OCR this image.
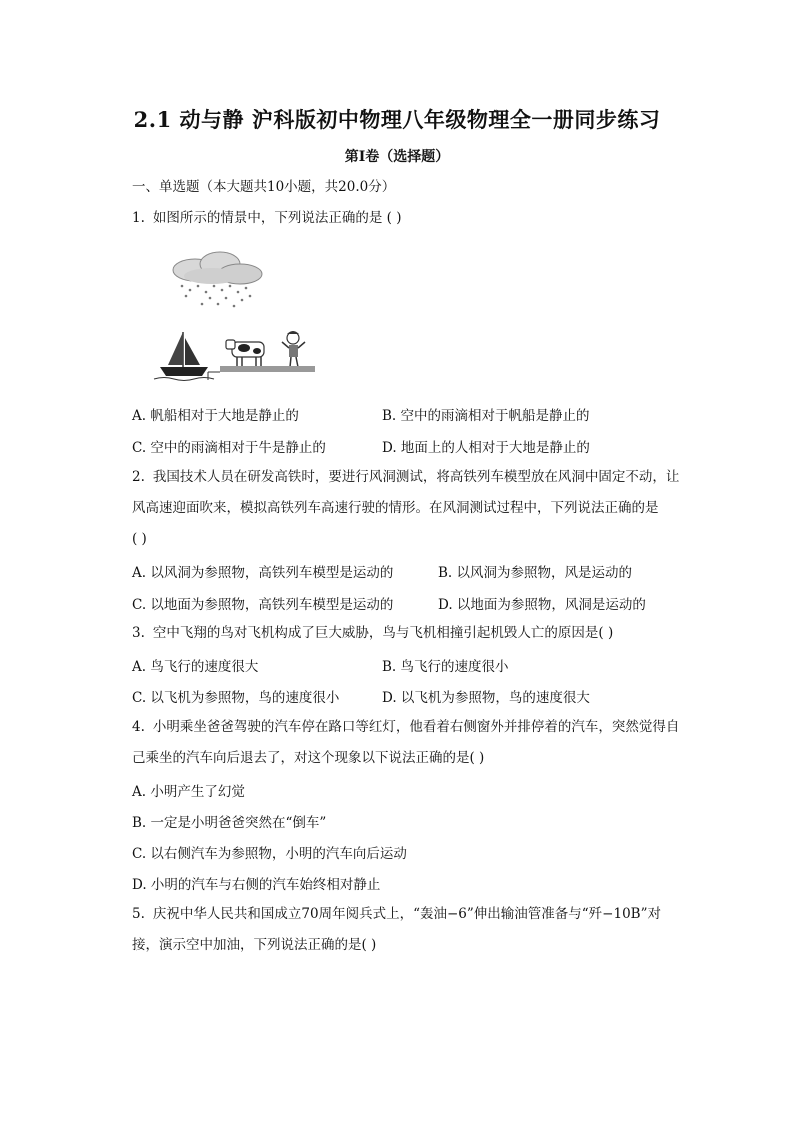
2.1 动与静 沪科版初中物理八年级物理全一册同步练习
第Ⅰ卷（选择题）
一、单选题（本大题共10小题，共20.0分）
1. 如图所示的情景中，下列说法正确的是 ( )
A. 帆船相对于大地是静止的	B. 空中的雨滴相对于帆船是静止的
C. 空中的雨滴相对于牛是静止的	D. 地面上的人相对于大地是静止的
2. 我国技术人员在研发高铁时，要进行风洞测试，将高铁列车模型放在风洞中固定不动，让
风高速迎面吹来，模拟高铁列车高速行驶的情形。在风洞测试过程中，下列说法正确的是
( )
A. 以风洞为参照物，高铁列车模型是运动的	B. 以风洞为参照物，风是运动的
C. 以地面为参照物，高铁列车模型是运动的	D. 以地面为参照物，风洞是运动的
3. 空中飞翔的鸟对飞机构成了巨大威胁，鸟与飞机相撞引起机毁人亡的原因是( )
A. 鸟飞行的速度很大	B. 鸟飞行的速度很小
C. 以飞机为参照物，鸟的速度很小	D. 以飞机为参照物，鸟的速度很大
4. 小明乘坐爸爸驾驶的汽车停在路口等红灯，他看着右侧窗外并排停着的汽车，突然觉得自
己乘坐的汽车向后退去了，对这个现象以下说法正确的是( )
A. 小明产生了幻觉
B. 一定是小明爸爸突然在“倒车”
C. 以右侧汽车为参照物，小明的汽车向后运动
D. 小明的汽车与右侧的汽车始终相对静止
5. 庆祝中华人民共和国成立70周年阅兵式上，“轰油−6”伸出输油管准备与“歼−10B”对
接，演示空中加油，下列说法正确的是( )
